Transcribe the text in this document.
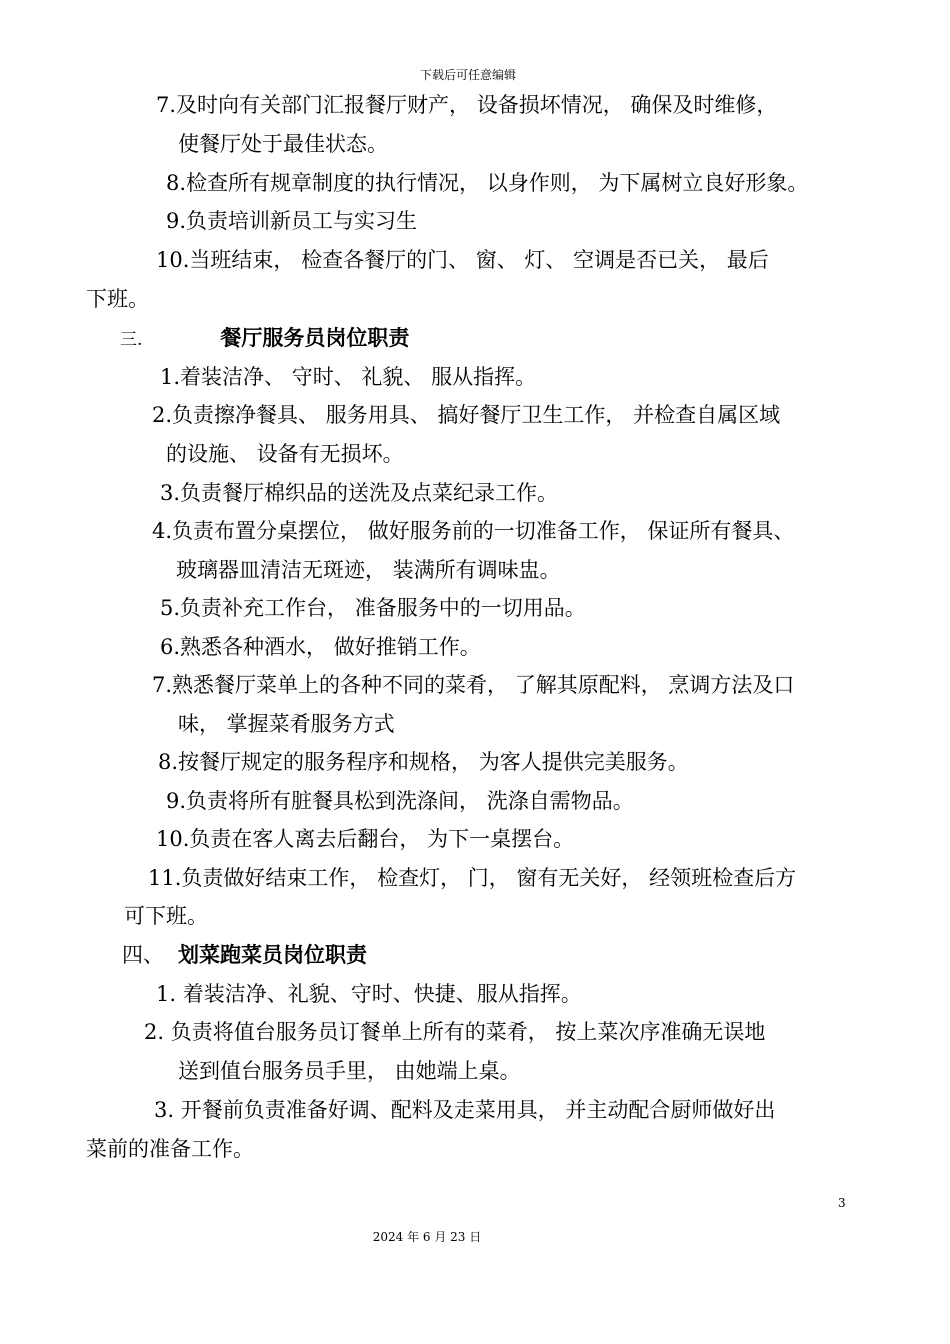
下载后可任意编辑
7.及时向有关部门汇报餐厅财产， 设备损坏情况， 确保及时维修，
使餐厅处于最佳状态。
8.检查所有规章制度的执行情况， 以身作则， 为下属树立良好形象。
9.负责培训新员工与实习生
10.当班结束， 检查各餐厅的门、 窗、 灯、 空调是否已关， 最后
下班。
三.	餐厅服务员岗位职责
1.着装洁净、 守时、 礼貌、 服从指挥。
2.负责擦净餐具、 服务用具、 搞好餐厅卫生工作， 并检查自属区域
的设施、 设备有无损坏。
3.负责餐厅棉织品的送洗及点菜纪录工作。
4.负责布置分桌摆位， 做好服务前的一切准备工作， 保证所有餐具、
玻璃器皿清洁无斑迹， 装满所有调味盅。
5.负责补充工作台， 准备服务中的一切用品。
6.熟悉各种酒水， 做好推销工作。
7.熟悉餐厅菜单上的各种不同的菜肴， 了解其原配料， 烹调方法及口
味， 掌握菜肴服务方式
8.按餐厅规定的服务程序和规格， 为客人提供完美服务。
9.负责将所有脏餐具松到洗涤间， 洗涤自需物品。
10.负责在客人离去后翻台， 为下一桌摆台。
11.负责做好结束工作， 检查灯， 门， 窗有无关好， 经领班检查后方
可下班。
四、 划菜跑菜员岗位职责
1. 着装洁净、礼貌、守时、快捷、服从指挥。
2. 负责将值台服务员订餐单上所有的菜肴， 按上菜次序准确无误地
送到值台服务员手里， 由她端上桌。
3. 开餐前负责准备好调、配料及走菜用具， 并主动配合厨师做好出
菜前的准备工作。
3
2024 年 6 月 23 日
